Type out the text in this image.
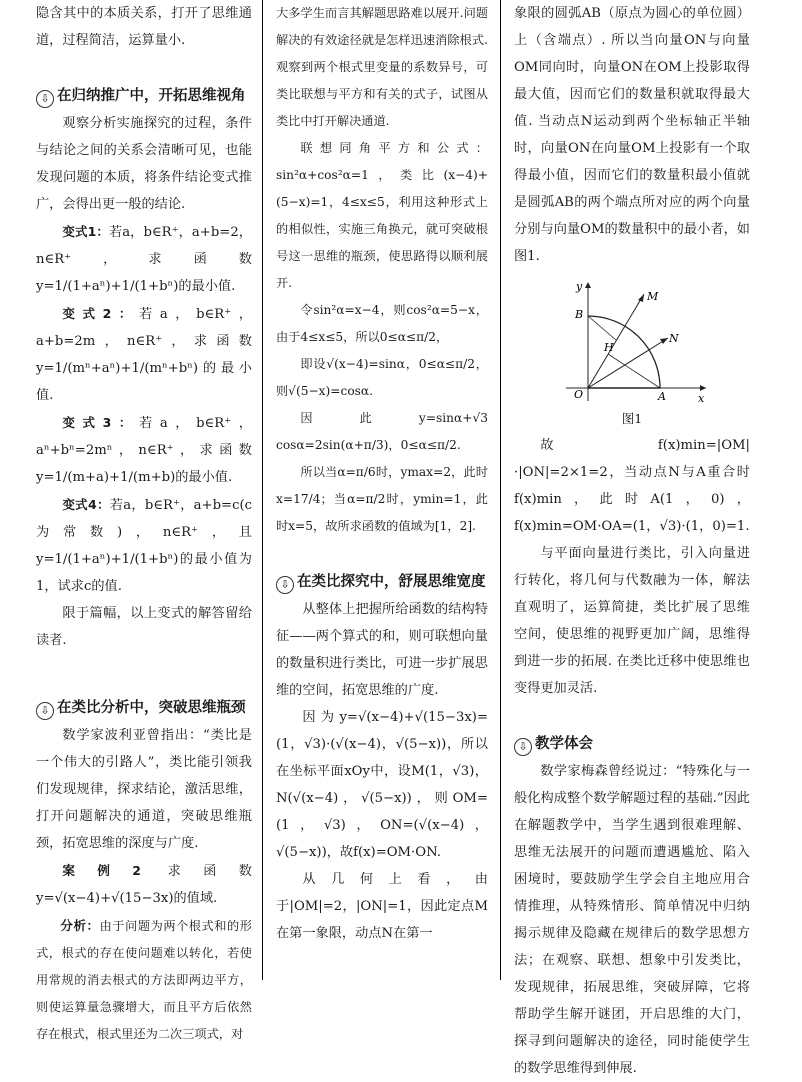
隐含其中的本质关系，打开了思维通道，过程简洁，运算量小.

⇩ 在归纳推广中，开拓思维视角

观察分析实施探究的过程，条件与结论之间的关系会清晰可见，也能发现问题的本质，将条件结论变式推广，会得出更一般的结论.

变式1：若a，b∈R⁺，a+b=2，n∈R⁺，求函数y=1/(1+aⁿ)+1/(1+bⁿ)的最小值.

变式2：若a，b∈R⁺，a+b=2m，n∈R⁺，求函数y=1/(mⁿ+aⁿ)+1/(mⁿ+bⁿ)的最小值.

变式3：若a，b∈R⁺，aⁿ+bⁿ=2mⁿ，n∈R⁺，求函数y=1/(m+a)+1/(m+b)的最小值.

变式4：若a，b∈R⁺，a+b=c(c为常数)，n∈R⁺，且y=1/(1+aⁿ)+1/(1+bⁿ)的最小值为1，试求c的值.

限于篇幅，以上变式的解答留给读者.

⇩ 在类比分析中，突破思维瓶颈

数学家波利亚曾指出：“类比是一个伟大的引路人”，类比能引领我们发现规律，探求结论，激活思维，打开问题解决的通道，突破思维瓶颈，拓宽思维的深度与广度.

案例2 求函数y=√(x−4)+√(15−3x)的值域.

分析：由于问题为两个根式和的形式，根式的存在使问题难以转化，若使用常规的消去根式的方法即两边平方，则使运算量急骤增大，而且平方后依然存在根式，根式里还为二次三项式，对

大多学生而言其解题思路难以展开.问题解决的有效途径就是怎样迅速消除根式.观察到两个根式里变量的系数异号，可类比联想与平方和有关的式子，试图从类比中打开解决通道.

联想同角平方和公式：sin²α+cos²α=1，类比(x−4)+(5−x)=1，4≤x≤5，利用这种形式上的相似性，实施三角换元，就可突破根号这一思维的瓶颈，使思路得以顺利展开.

令sin²α=x−4，则cos²α=5−x，由于4≤x≤5，所以0≤α≤π/2，

即设√(x−4)=sinα，0≤α≤π/2，则√(5−x)=cosα.

因此y=sinα+√3 cosα=2sin(α+π/3)，0≤α≤π/2.

所以当α=π/6时，ymax=2，此时x=17/4；当α=π/2时，ymin=1，此时x=5，故所求函数的值域为[1，2].

⇩ 在类比探究中，舒展思维宽度

从整体上把握所给函数的结构特征——两个算式的和，则可联想向量的数量积进行类比，可进一步扩展思维的空间，拓宽思维的广度.

因为y=√(x−4)+√(15−3x)=(1，√3)·(√(x−4)，√(5−x))，所以在坐标平面xOy中，设M(1，√3)，N(√(x−4)，√(5−x))，则OM=(1，√3)，ON=(√(x−4)，√(5−x))，故f(x)=OM·ON.

从几何上看，由于|OM|=2，|ON|=1，因此定点M在第一象限，动点N在第一

象限的圆弧AB（原点为圆心的单位圆）上（含端点）. 所以当向量ON与向量OM同向时，向量ON在OM上投影取得最大值，因而它们的数量积就取得最大值. 当动点N运动到两个坐标轴正半轴时，向量ON在向量OM上投影有一个取得最小值，因而它们的数量积最小值就是圆弧AB的两个端点所对应的两个向量分别与向量OM的数量积中的最小者，如图1.

y
x
O	A
B
H
M
N
图1

故f(x)min=|OM|·|ON|=2×1=2，当动点N与A重合时f(x)min，此时A(1，0)，f(x)min=OM·OA=(1，√3)·(1，0)=1.

与平面向量进行类比，引入向量进行转化，将几何与代数融为一体，解法直观明了，运算简捷，类比扩展了思维空间，使思维的视野更加广阔，思维得到进一步的拓展. 在类比迁移中使思维也变得更加灵活.

⇩ 教学体会

数学家梅森曾经说过：“特殊化与一般化构成整个数学解题过程的基础.”因此在解题教学中，当学生遇到很难理解、思维无法展开的问题而遭遇尴尬、陷入困境时，要鼓励学生学会自主地应用合情推理，从特殊情形、简单情况中归纳揭示规律及隐藏在规律后的数学思想方法；在观察、联想、想象中引发类比，发现规律，拓展思维，突破屏障，它将帮助学生解开谜团，开启思维的大门，探寻到问题解决的途径，同时能使学生的数学思维得到伸展.
